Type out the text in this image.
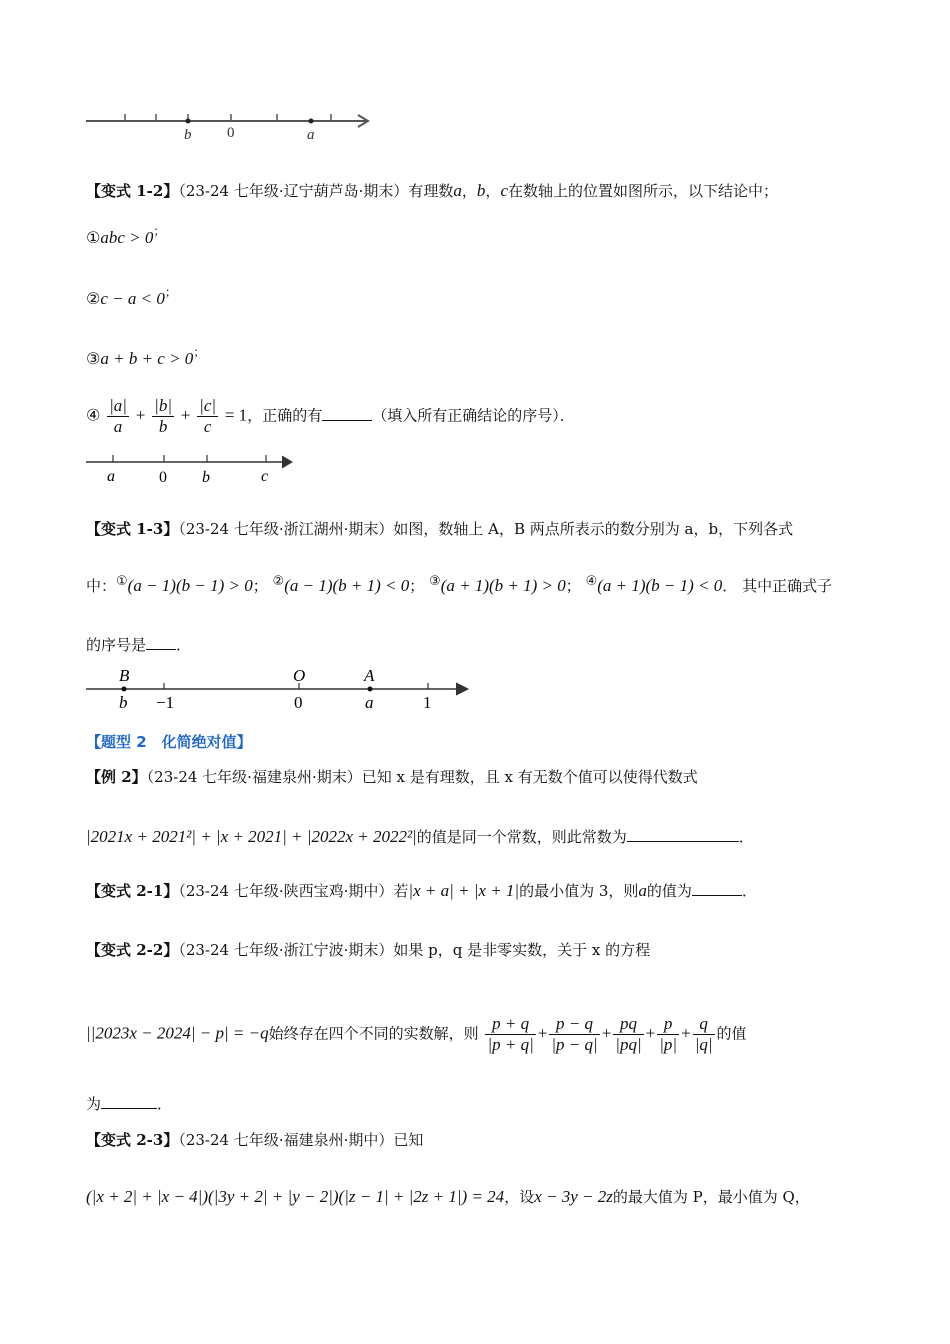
b 0	a
【变式 1-2】（23-24 七年级·辽宁葫芦岛·期末）有理数a，b，c在数轴上的位置如图所示，以下结论中；
①abc > 0；
②c − a < 0；
③a + b + c > 0；
④ $\frac{|a|}{a} + \frac{|b|}{b} + \frac{|c|}{c} = 1$，正确的有	（填入所有正确结论的序号）．
a	0 b	c
【变式 1-3】（23-24 七年级·浙江湖州·期末）如图，数轴上 A，B 两点所表示的数分别为 a，b，下列各式
中：①(a − 1)(b − 1) > 0； ②(a − 1)(b + 1) < 0； ③(a + 1)(b + 1) > 0； ④(a + 1)(b − 1) < 0． 其中正确式子
的序号是 ．
B	O	A
b −1	0	a	1
【题型 2　化简绝对值】
【例 2】（23-24 七年级·福建泉州·期末）已知 x 是有理数，且 x 有无数个值可以使得代数式
|2021x + 2021²| + |x + 2021| + |2022x + 2022²|的值是同一个常数，则此常数为	．
【变式 2-1】（23-24 七年级·陕西宝鸡·期中）若|x + a| + |x + 1|的最小值为 3，则a的值为	．
【变式 2-2】（23-24 七年级·浙江宁波·期末）如果 p，q 是非零实数，关于 x 的方程
||2023x − 2024| − p| = −q始终存在四个不同的实数解，则 $\frac{p + q}{|p + q|} + \frac{p - q}{|p - q|} + \frac{pq}{|pq|} + \frac{p}{|p|} + \frac{q}{|q|}$ 的值
为	．
【变式 2-3】（23-24 七年级·福建泉州·期中）已知
(|x + 2| + |x − 4|)(|3y + 2| + |y − 2|)(|z − 1| + |2z + 1|) = 24，设x − 3y − 2z的最大值为 P，最小值为 Q，
